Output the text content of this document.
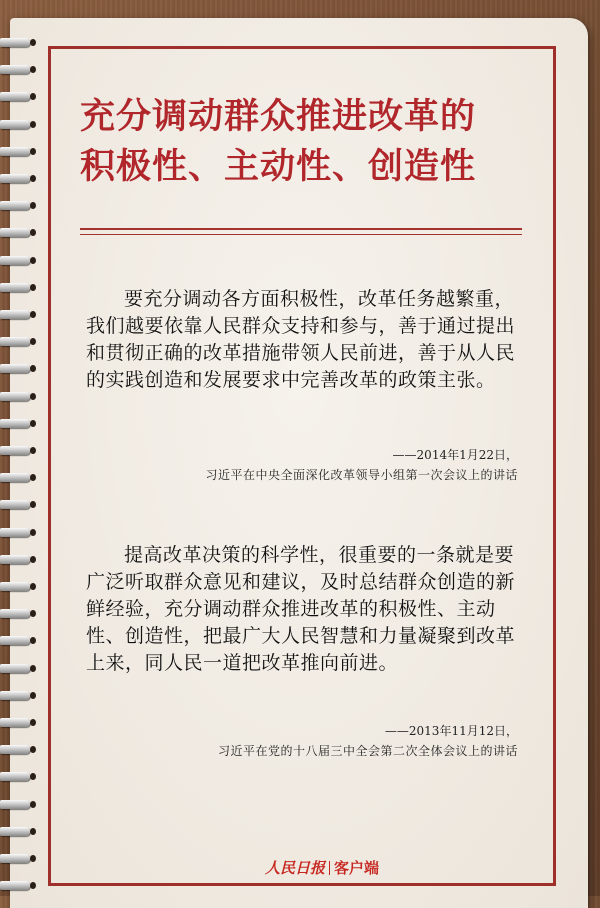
充分调动群众推进改革的
积极性、主动性、创造性

要充分调动各方面积极性，改革任务越繁重，我们越要依靠人民群众支持和参与，善于通过提出和贯彻正确的改革措施带领人民前进，善于从人民的实践创造和发展要求中完善改革的政策主张。

——2014年1月22日，

习近平在中央全面深化改革领导小组第一次会议上的讲话

提高改革决策的科学性，很重要的一条就是要广泛听取群众意见和建议，及时总结群众创造的新鲜经验，充分调动群众推进改革的积极性、主动性、创造性，把最广大人民智慧和力量凝聚到改革上来，同人民一道把改革推向前进。

——2013年11月12日，

习近平在党的十八届三中全会第二次全体会议上的讲话

人民日报 客户端
